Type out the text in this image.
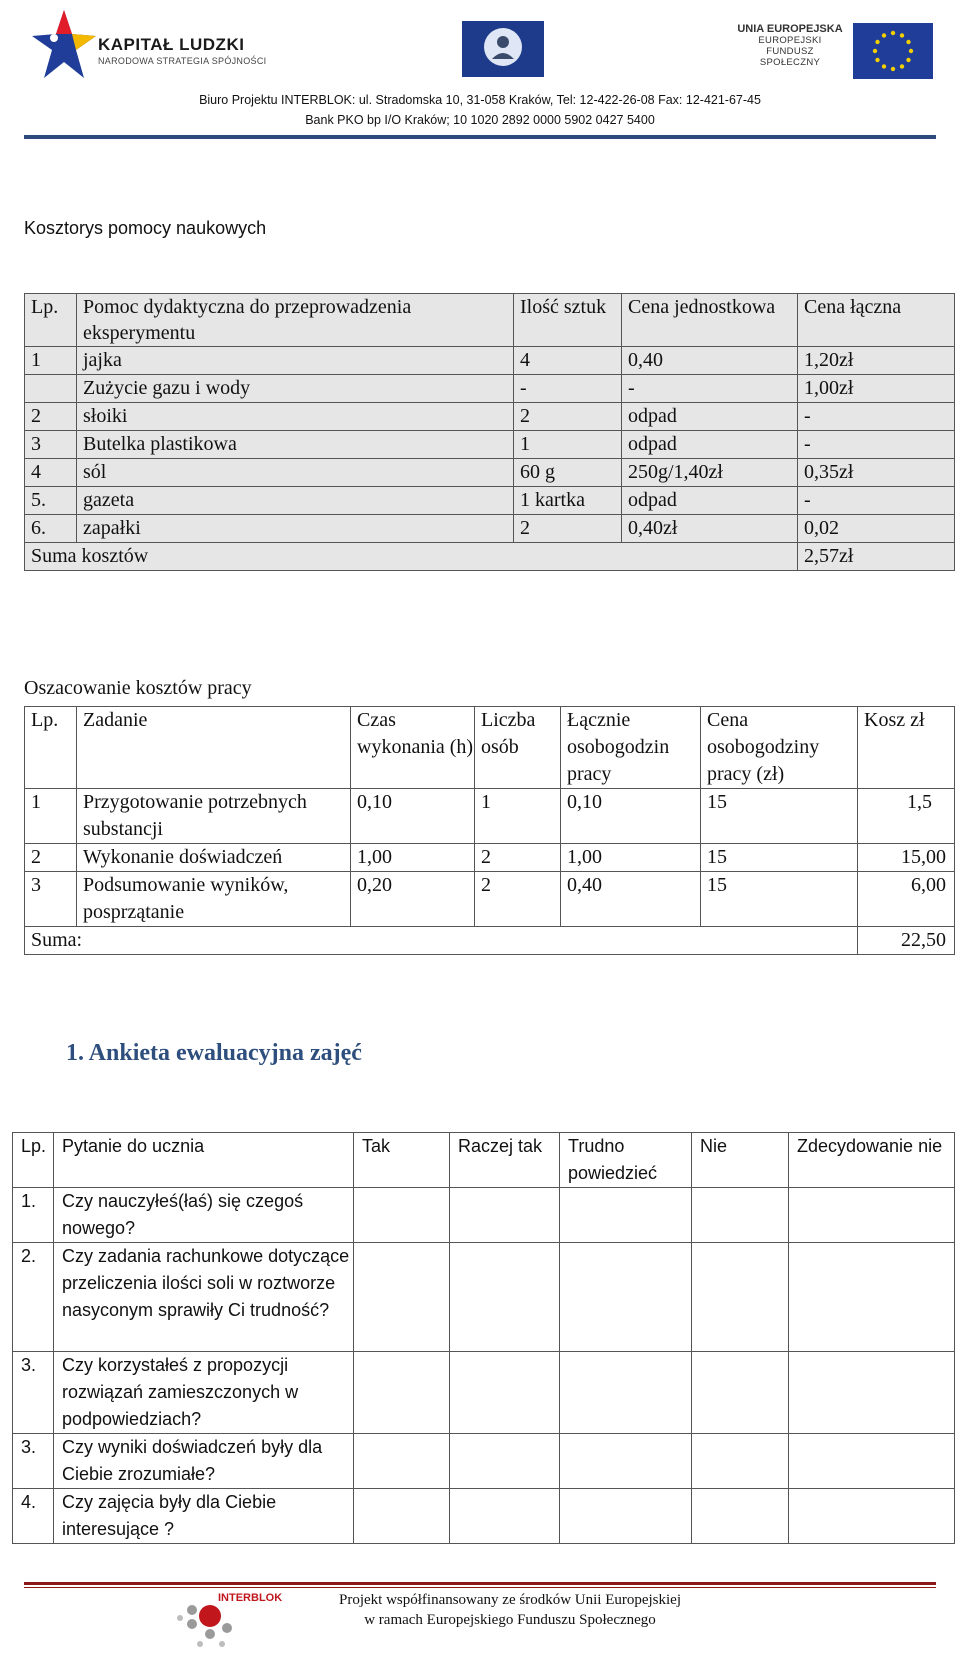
KAPITAŁ LUDZKI
NARODOWA STRATEGIA SPÓJNOŚCI
UNIA EUROPEJSKA
EUROPEJSKI
FUNDUSZ SPOŁECZNY
Biuro Projektu INTERBLOK: ul. Stradomska 10, 31-058 Kraków, Tel: 12-422-26-08 Fax: 12-421-67-45
Bank PKO bp I/O Kraków; 10 1020 2892 0000 5902 0427 5400
Kosztorys pomocy naukowych
Lp.	Pomoc dydaktyczna do przeprowadzenia eksperymentu	Ilość sztuk	Cena jednostkowa	Cena łączna
1	jajka	4	0,40	1,20zł
	Zużycie gazu i wody	-	-	1,00zł
2	słoiki	2	odpad	-
3	Butelka plastikowa	1	odpad	-
4	sól	60 g	250g/1,40zł	0,35zł
5.	gazeta	1 kartka	odpad	-
6.	zapałki	2	0,40zł	0,02
Suma kosztów				2,57zł
Oszacowanie kosztów pracy
Lp.	Zadanie	Czas wykonania (h)	Liczba osób	Łącznie osobogodzin pracy	Cena osobogodziny pracy (zł)	Kosz zł
1	Przygotowanie potrzebnych substancji	0,10	1	0,10	15	1,5
2	Wykonanie doświadczeń	1,00	2	1,00	15	15,00
3	Podsumowanie wyników, posprzątanie	0,20	2	0,40	15	6,00
Suma:						22,50
1. Ankieta ewaluacyjna zajęć
Lp.	Pytanie do ucznia	Tak	Raczej tak	Trudno powiedzieć	Nie	Zdecydowanie nie
1.	Czy nauczyłeś(łaś) się czegoś nowego?					
2.	Czy zadania rachunkowe dotyczące przeliczenia ilości soli w roztworze nasyconym sprawiły Ci trudność?					
3.	Czy korzystałeś z propozycji rozwiązań zamieszczonych w podpowiedziach?					
3.	Czy wyniki doświadczeń były dla Ciebie zrozumiałe?					
4.	Czy zajęcia były dla Ciebie interesujące ?					
INTERBLOK	Projekt współfinansowany ze środków Unii Europejskiej
w ramach Europejskiego Funduszu Społecznego
